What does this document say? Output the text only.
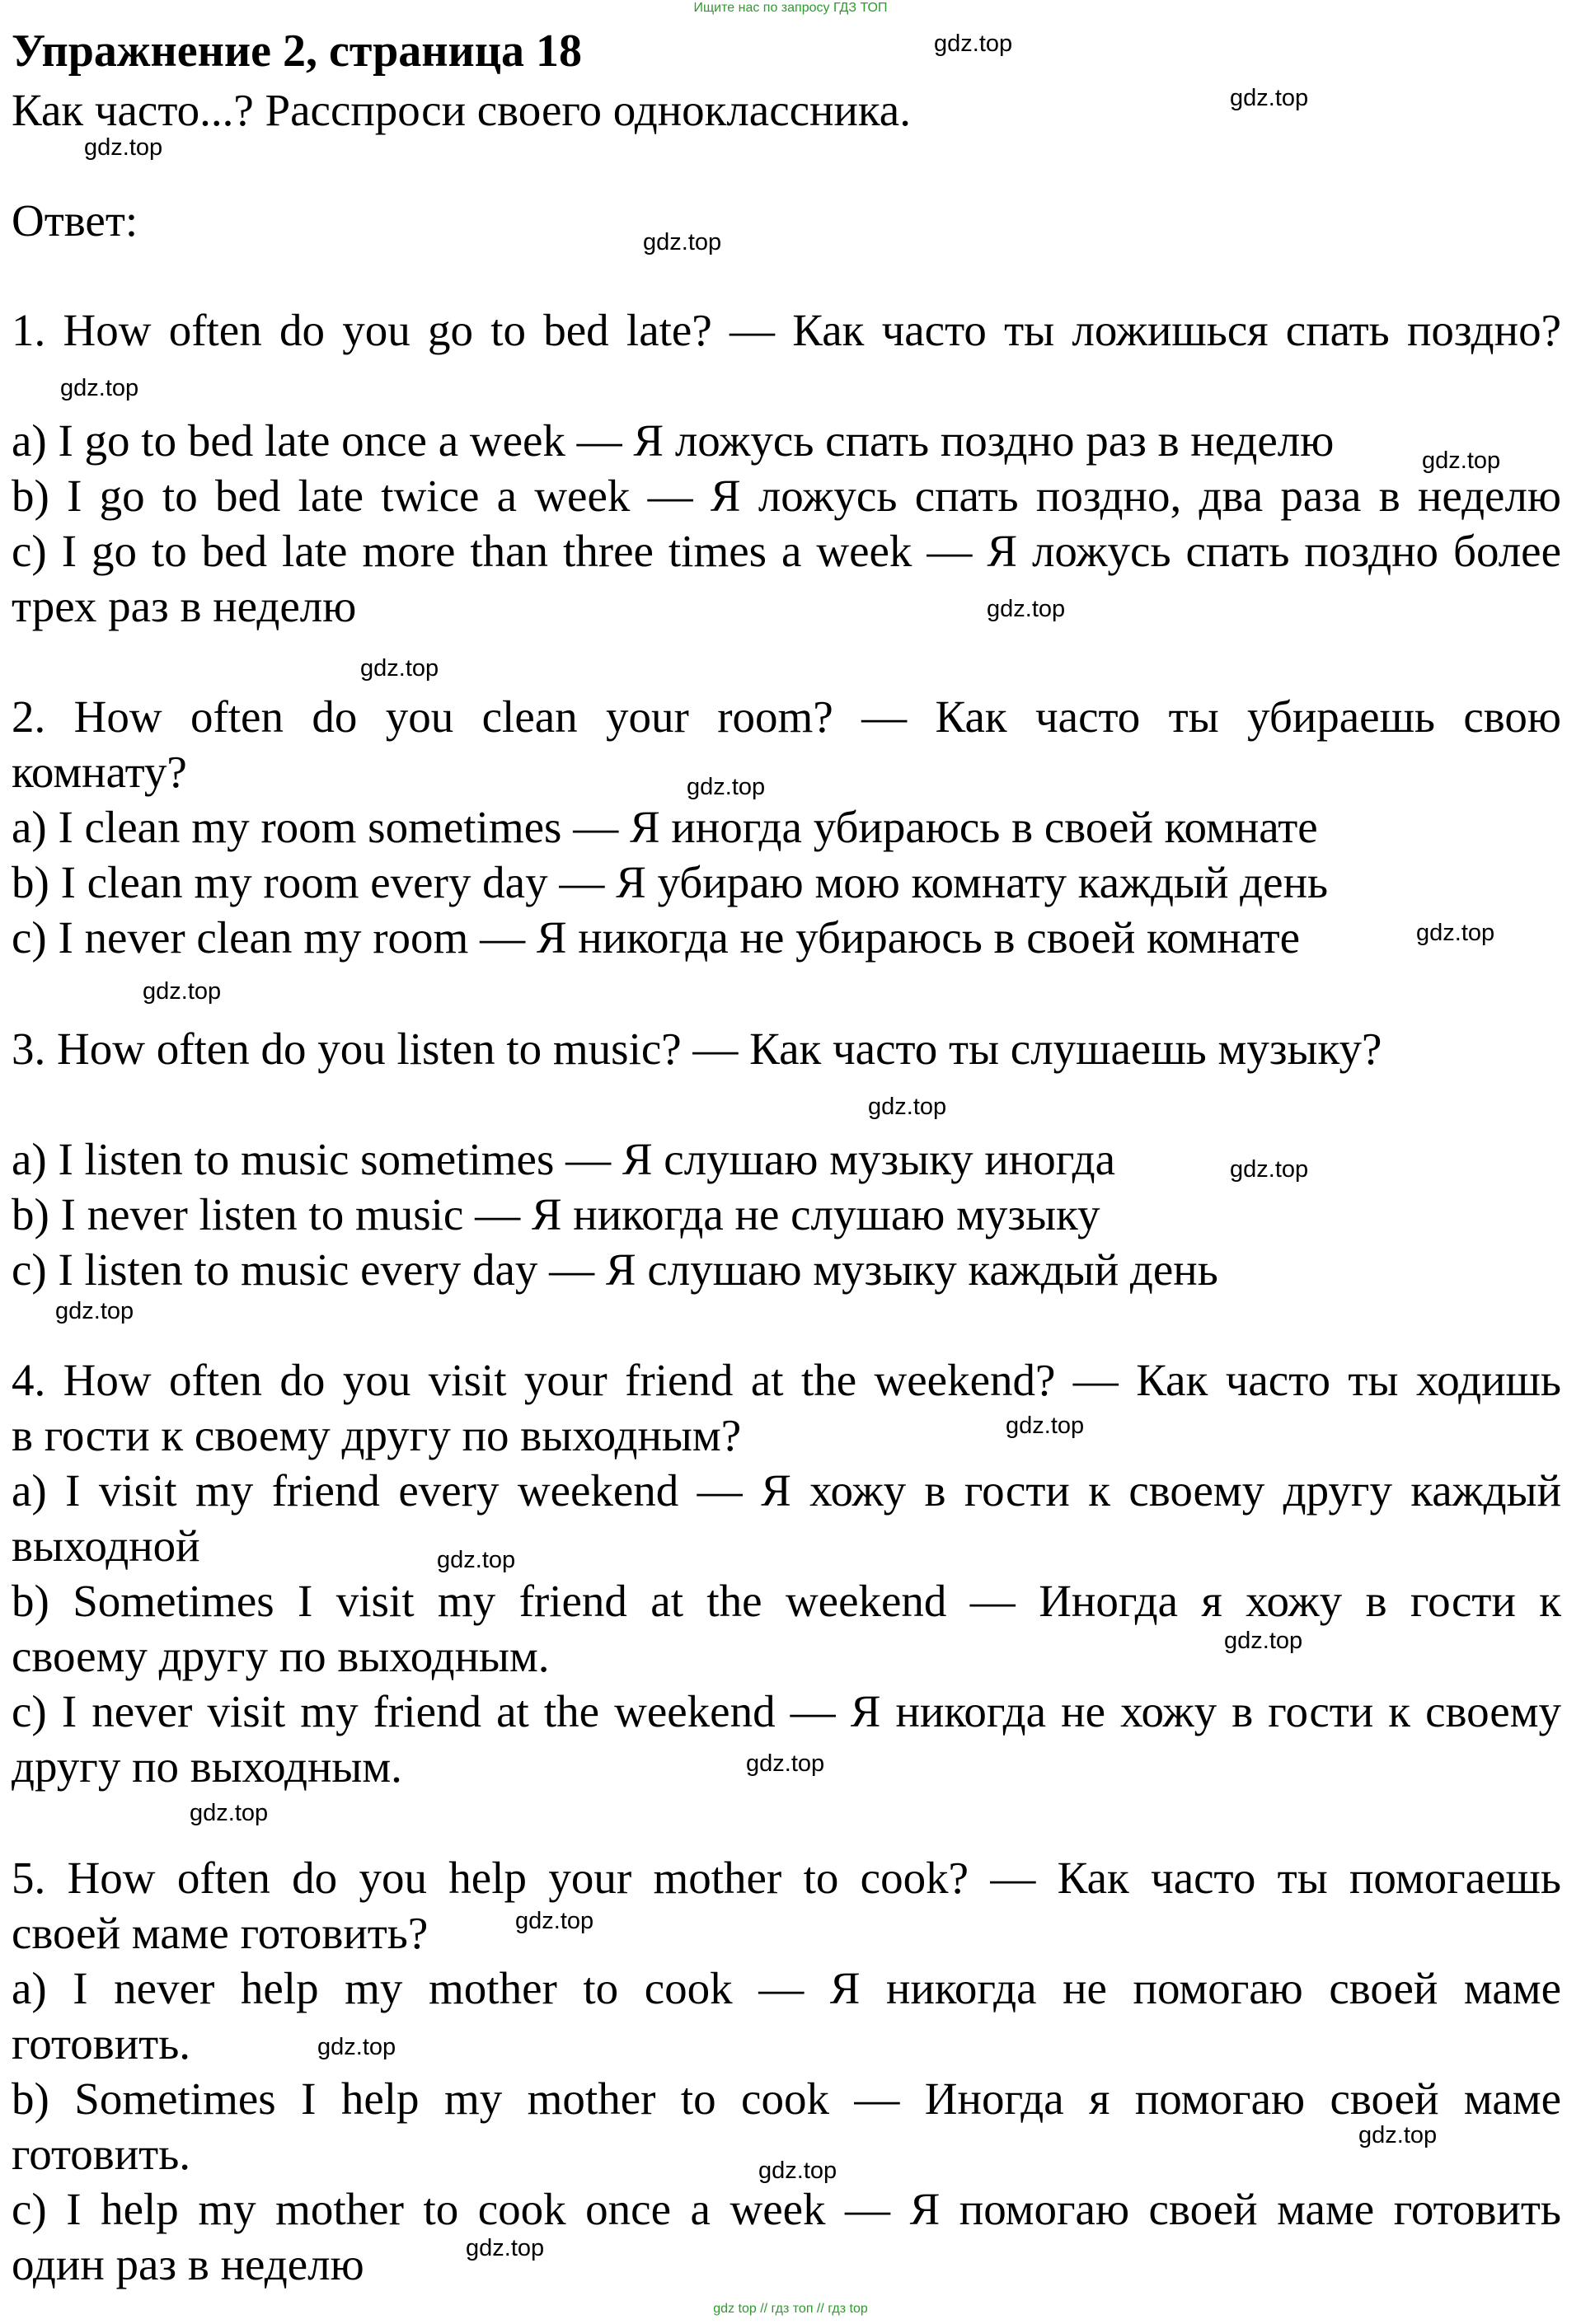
Ищите нас по запросу ГДЗ ТОП
Упражнение 2, страница 18
Как часто...? Расспроси своего одноклассника.
Ответ:
1. How often do you go to bed late? — Как часто ты ложишься спать поздно?
a) I go to bed late once a week — Я ложусь спать поздно раз в неделю
b) I go to bed late twice a week — Я ложусь спать поздно, два раза в неделю
c) I go to bed late more than three times a week — Я ложусь спать поздно более
трех раз в неделю
2. How often do you clean your room? — Как часто ты убираешь свою
комнату?
a) I clean my room sometimes — Я иногда убираюсь в своей комнате
b) I clean my room every day — Я убираю мою комнату каждый день
c) I never clean my room — Я никогда не убираюсь в своей комнате
3. How often do you listen to music? — Как часто ты слушаешь музыку?
a) I listen to music sometimes — Я слушаю музыку иногда
b) I never listen to music — Я никогда не слушаю музыку
c) I listen to music every day — Я слушаю музыку каждый день
4. How often do you visit your friend at the weekend? — Как часто ты ходишь
в гости к своему другу по выходным?
a) I visit my friend every weekend — Я хожу в гости к своему другу каждый
выходной
b) Sometimes I visit my friend at the weekend — Иногда я хожу в гости к
своему другу по выходным.
c) I never visit my friend at the weekend — Я никогда не хожу в гости к своему
другу по выходным.
5. How often do you help your mother to cook? — Как часто ты помогаешь
своей маме готовить?
a) I never help my mother to cook — Я никогда не помогаю своей маме
готовить.
b) Sometimes I help my mother to cook — Иногда я помогаю своей маме
готовить.
c) I help my mother to cook once a week — Я помогаю своей маме готовить
один раз в неделю
gdz.top
gdz.top
gdz.top
gdz.top
gdz.top
gdz.top
gdz.top
gdz.top
gdz.top
gdz.top
gdz.top
gdz.top
gdz.top
gdz.top
gdz.top
gdz.top
gdz.top
gdz.top
gdz.top
gdz.top
gdz.top
gdz.top
gdz.top
gdz.top
gdz top // гдз топ // гдз top
